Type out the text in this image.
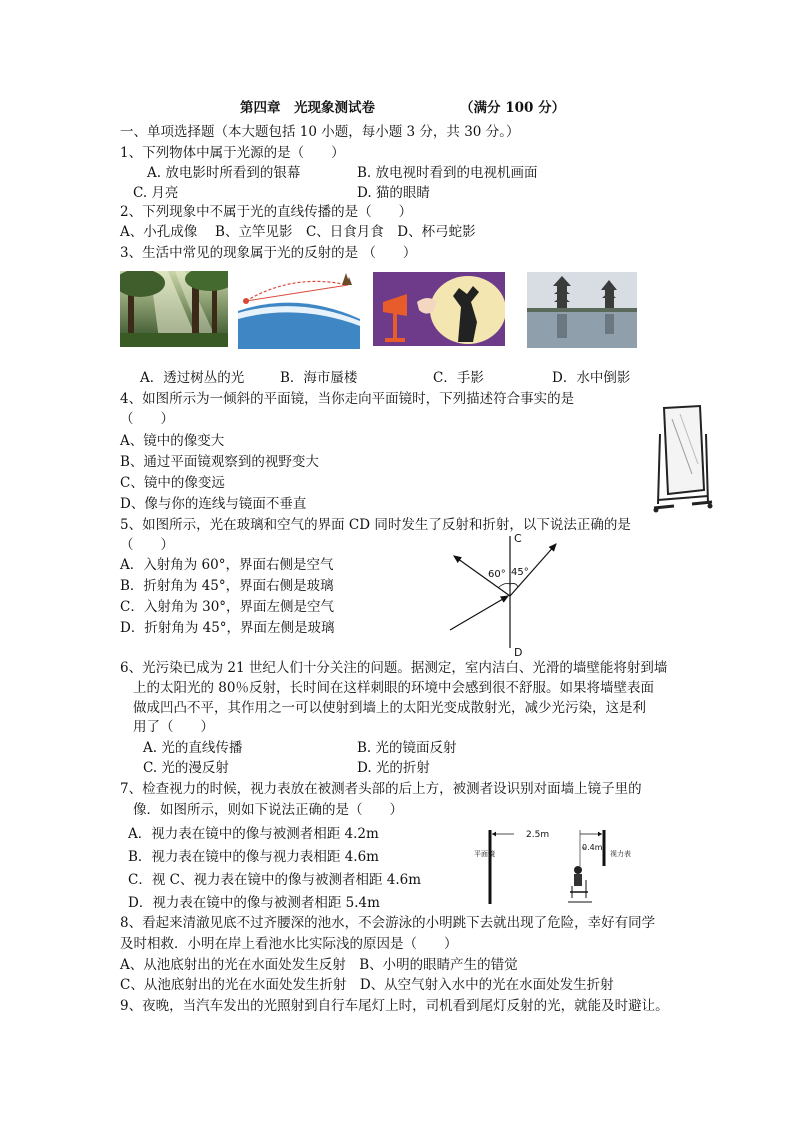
第四章　光现象测试卷	（满分 100 分）
一、单项选择题（本大题包括 10 小题，每小题 3 分，共 30 分。）
1、下列物体中属于光源的是（　　）
A. 放电影时所看到的银幕	B. 放电视时看到的电视机画面
C. 月亮	D. 猫的眼睛
2、下列现象中不属于光的直线传播的是（　　）
A、小孔成像　 B、立竿见影　C、日食月食　D、杯弓蛇影
3、生活中常见的现象属于光的反射的是 （　　）
A．透过树丛的光	B．海市蜃楼	C．手影	D．水中倒影
4、如图所示为一倾斜的平面镜，当你走向平面镜时，下列描述符合事实的是
（　　）
A、镜中的像变大
B、通过平面镜观察到的视野变大
C、镜中的像变远
D、像与你的连线与镜面不垂直
5、如图所示，光在玻璃和空气的界面 CD 同时发生了反射和折射，以下说法正确的是
（　　）
A．入射角为 60°，界面右侧是空气
B．折射角为 45°，界面右侧是玻璃
C．入射角为 30°，界面左侧是空气
D．折射角为 45°，界面左侧是玻璃
C
D
60° 45°
6、光污染已成为 21 世纪人们十分关注的问题。据测定，室内洁白、光滑的墙壁能将射到墙
上的太阳光的 80％反射，长时间在这样刺眼的环境中会感到很不舒服。如果将墙壁表面
做成凹凸不平，其作用之一可以使射到墙上的太阳光变成散射光，减少光污染，这是利
用了（　　）
A. 光的直线传播	B. 光的镜面反射
C. 光的漫反射	D. 光的折射
7、检查视力的时候，视力表放在被测者头部的后上方，被测者设识别对面墙上镜子里的
像．如图所示，则如下说法正确的是（　　）
A．视力表在镜中的像与被测者相距 4.2m
B．视力表在镜中的像与视力表相距 4.6m
C．视 C、视力表在镜中的像与被测者相距 4.6m
D．视力表在镜中的像与被测者相距 5.4m
2.5m
0.4m
平面镜	视力表
8、看起来清澈见底不过齐腰深的池水，不会游泳的小明跳下去就出现了危险，幸好有同学
及时相救．小明在岸上看池水比实际浅的原因是（　　）
A、从池底射出的光在水面处发生反射　B、小明的眼睛产生的错觉
C、从池底射出的光在水面处发生折射　D、从空气射入水中的光在水面处发生折射
9、夜晚，当汽车发出的光照射到自行车尾灯上时，司机看到尾灯反射的光，就能及时避让。
